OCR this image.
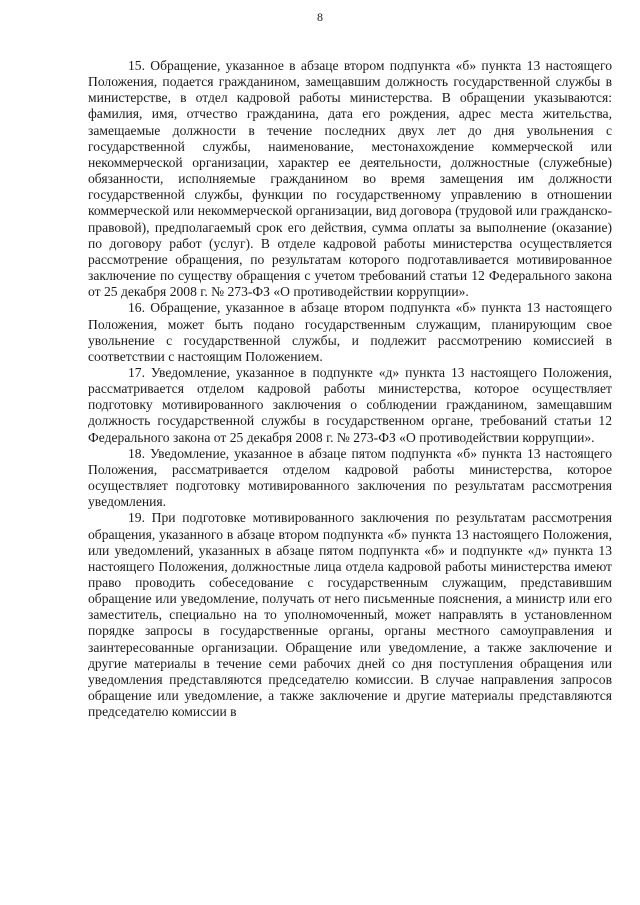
8

15. Обращение, указанное в абзаце втором подпункта «б» пункта 13 настоящего Положения, подается гражданином, замещавшим должность государственной службы в министерстве, в отдел кадровой работы министерства. В обращении указываются: фамилия, имя, отчество гражданина, дата его рождения, адрес места жительства, замещаемые должности в течение последних двух лет до дня увольнения с государственной службы, наименование, местонахождение коммерческой или некоммерческой организации, характер ее деятельности, должностные (служебные) обязанности, исполняемые гражданином во время замещения им должности государственной службы, функции по государственному управлению в отношении коммерческой или некоммерческой организации, вид договора (трудовой или гражданско-правовой), предполагаемый срок его действия, сумма оплаты за выполнение (оказание) по договору работ (услуг). В отделе кадровой работы министерства осуществляется рассмотрение обращения, по результатам которого подготавливается мотивированное заключение по существу обращения с учетом требований статьи 12 Федерального закона от 25 декабря 2008 г. № 273-ФЗ «О противодействии коррупции».

16. Обращение, указанное в абзаце втором подпункта «б» пункта 13 настоящего Положения, может быть подано государственным служащим, планирующим свое увольнение с государственной службы, и подлежит рассмотрению комиссией в соответствии с настоящим Положением.

17. Уведомление, указанное в подпункте «д» пункта 13 настоящего Положения, рассматривается отделом кадровой работы министерства, которое осуществляет подготовку мотивированного заключения о соблюдении гражданином, замещавшим должность государственной службы в государственном органе, требований статьи 12 Федерального закона от 25 декабря 2008 г. № 273-ФЗ «О противодействии коррупции».

18. Уведомление, указанное в абзаце пятом подпункта «б» пункта 13 настоящего Положения, рассматривается отделом кадровой работы министерства, которое осуществляет подготовку мотивированного заключения по результатам рассмотрения уведомления.

19. При подготовке мотивированного заключения по результатам рассмотрения обращения, указанного в абзаце втором подпункта «б» пункта 13 настоящего Положения, или уведомлений, указанных в абзаце пятом подпункта «б» и подпункте «д» пункта 13 настоящего Положения, должностные лица отдела кадровой работы министерства имеют право проводить собеседование с государственным служащим, представившим обращение или уведомление, получать от него письменные пояснения, а министр или его заместитель, специально на то уполномоченный, может направлять в установленном порядке запросы в государственные органы, органы местного самоуправления и заинтересованные организации. Обращение или уведомление, а также заключение и другие материалы в течение семи рабочих дней со дня поступления обращения или уведомления представляются председателю комиссии. В случае направления запросов обращение или уведомление, а также заключение и другие материалы представляются председателю комиссии в
